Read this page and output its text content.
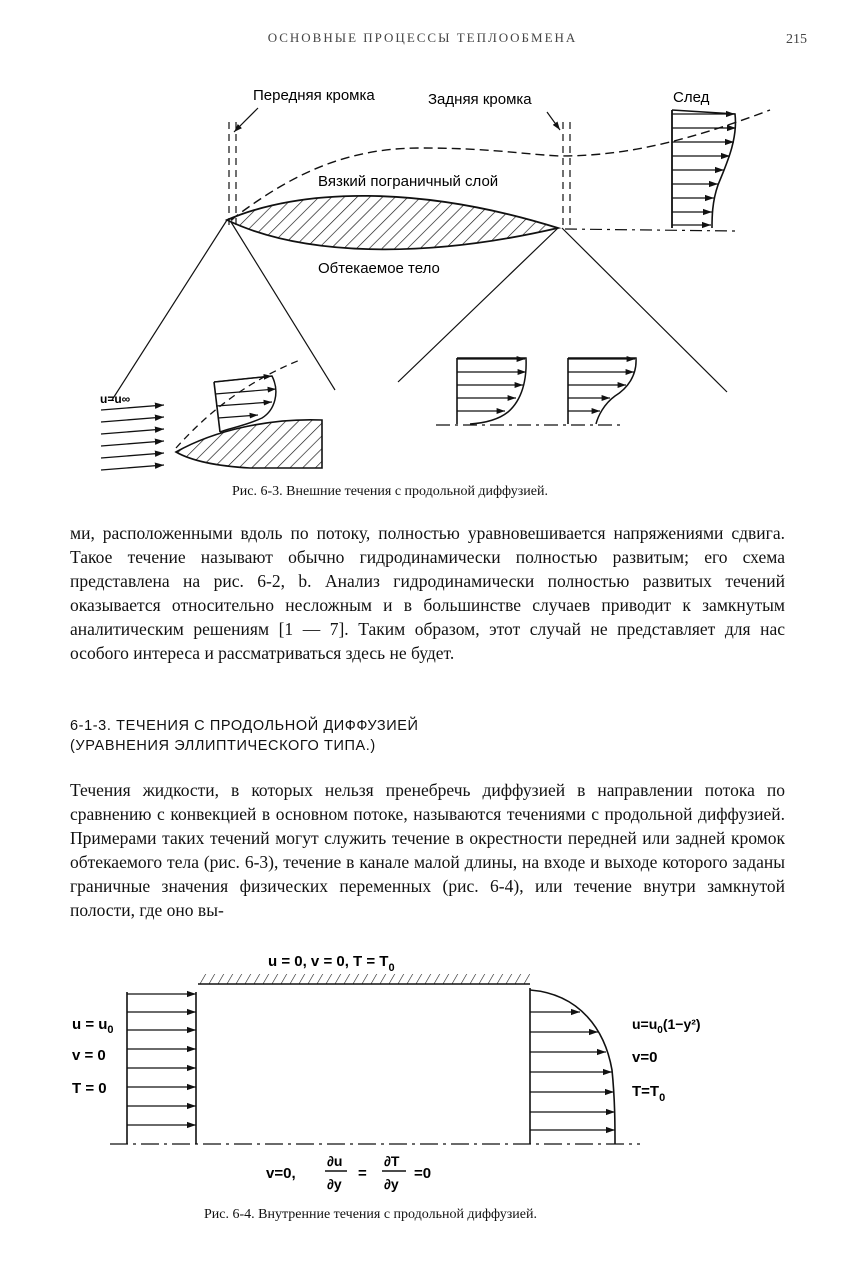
ОСНОВНЫЕ ПРОЦЕССЫ ТЕПЛООБМЕНА	215
Передняя кромка	Задняя кромка	След
Вязкий пограничный слой
Обтекаемое тело
u=u∞
Рис. 6-3. Внешние течения с продольной диффузией.

ми, расположенными вдоль по потоку, полностью уравновешивается напряжениями сдвига. Такое течение называют обычно гидродинамически полностью развитым; его схема представлена на рис. 6-2, b. Анализ гидродинамически полностью развитых течений оказывается относительно несложным и в большинстве случаев приводит к замкнутым аналитическим решениям [1 — 7]. Таким образом, этот случай не представляет для нас особого интереса и рассматриваться здесь не будет.

6-1-3. ТЕЧЕНИЯ С ПРОДОЛЬНОЙ ДИФФУЗИЕЙ
(УРАВНЕНИЯ ЭЛЛИПТИЧЕСКОГО ТИПА.)

Течения жидкости, в которых нельзя пренебречь диффузией в направлении потока по сравнению с конвекцией в основном потоке, называются течениями с продольной диффузией. Примерами таких течений могут служить течение в окрестности передней или задней кромок обтекаемого тела (рис. 6-3), течение в канале малой длины, на входе и выходе которого заданы граничные значения физических переменных (рис. 6-4), или течение внутри замкнутой полости, где оно вы-

u = 0, v = 0, $T = T_0$
$u = u_0$
v = 0
T = 0
$u=u_0(1-y^2)$
v=0
$T=T_0$
v=0,
∂u
∂y
=
∂T
∂y
=0
Рис. 6-4. Внутренние течения с продольной диффузией.
